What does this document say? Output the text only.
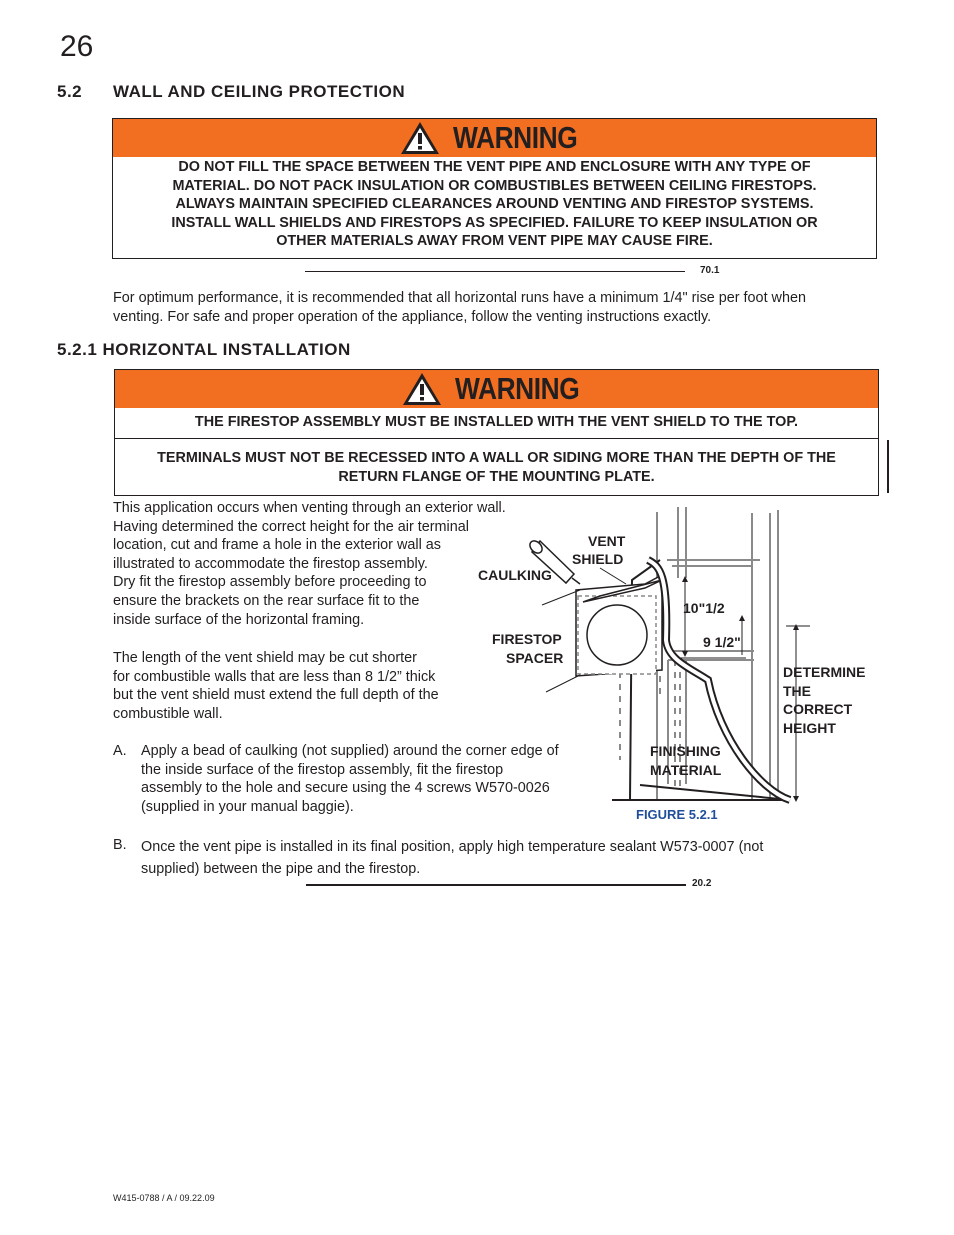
26
5.2 WALL AND CEILING PROTECTION
WARNING
DO NOT FILL THE SPACE BETWEEN THE VENT PIPE AND ENCLOSURE WITH ANY TYPE OF
MATERIAL. DO NOT PACK INSULATION OR COMBUSTIBLES BETWEEN CEILING FIRESTOPS.
ALWAYS MAINTAIN SPECIFIED CLEARANCES AROUND VENTING AND FIRESTOP SYSTEMS.
INSTALL WALL SHIELDS AND FIRESTOPS AS SPECIFIED. FAILURE TO KEEP INSULATION OR
OTHER MATERIALS AWAY FROM VENT PIPE MAY CAUSE FIRE.
70.1
For optimum performance, it is recommended that all horizontal runs have a minimum 1/4" rise per foot when
venting. For safe and proper operation of the appliance, follow the venting instructions exactly.
5.2.1 HORIZONTAL INSTALLATION
WARNING
THE FIRESTOP ASSEMBLY MUST BE INSTALLED WITH THE VENT SHIELD TO THE TOP.
TERMINALS MUST NOT BE RECESSED INTO A WALL OR SIDING MORE THAN THE DEPTH OF THE
RETURN FLANGE OF THE MOUNTING PLATE.
This application occurs when venting through an exterior wall.
Having determined the correct height for the air terminal
location, cut and frame a hole in the exterior wall as
illustrated to accommodate the firestop assembly.
Dry fit the firestop assembly before proceeding to
ensure the brackets on the rear surface fit to the
inside surface of the horizontal framing.
The length of the vent shield may be cut shorter
for combustible walls that are less than 8 1/2” thick
but the vent shield must extend the full depth of the
combustible wall.
A. Apply a bead of caulking (not supplied) around the corner edge of
the inside surface of the firestop assembly, fit the firestop
assembly to the hole and secure using the 4 screws W570-0026
(supplied in your manual baggie).
B. Once the vent pipe is installed in its final position, apply high temperature sealant W573-0007 (not
supplied) between the pipe and the firestop.
20.2
VENT
SHIELD
CAULKING
FIRESTOP
SPACER
10"1/2
9 1/2"
DETERMINE
THE
CORRECT
HEIGHT
FINISHING
MATERIAL
FIGURE 5.2.1
W415-0788 / A / 09.22.09
